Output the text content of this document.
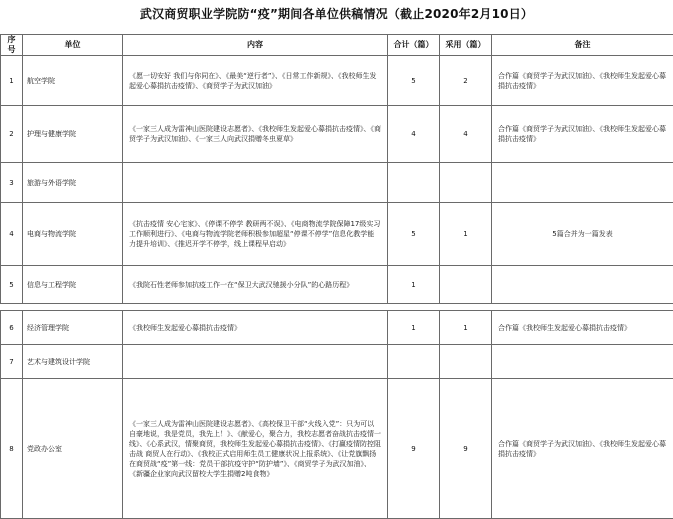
武汉商贸职业学院防“疫”期间各单位供稿情况（截止2020年2月10日）
序号	单位	内容	合计（篇）	采用（篇）	备注
1	航空学院	《愿一切安好 我们与你同在》、《最美“逆行者”》、《日常工作新规》、《我校师生发起爱心募捐抗击疫情》、《商贸学子为武汉加油》	5	2	合作篇《商贸学子为武汉加油》、《我校师生发起爱心募捐抗击疫情》
2	护理与健康学院	《一家三人成为雷神山医院建设志愿者》、《我校师生发起爱心募捐抗击疫情》、《商贸学子为武汉加油》、《一家三人向武汉捐赠冬虫夏草》	4	4	合作篇《商贸学子为武汉加油》、《我校师生发起爱心募捐抗击疫情》
3	旅游与外语学院				
4	电商与物流学院	《抗击疫情 安心宅家》、《停课不停学 教研两不误》、《电商物流学院保障17级实习工作顺利进行》、《电商与物流学院老师积极参加超星“停课不停学”信息化教学能力提升培训》、《推迟开学不停学，线上课程早启动》	5	1	5篇合并为一篇发表
5	信息与工程学院	《我院石性老师参加抗疫工作一在“保卫大武汉驰援小分队”的心路历程》	1		

6	经济管理学院	《我校师生发起爱心募捐抗击疫情》	1	1	合作篇《我校师生发起爱心募捐抗击疫情》
7	艺术与建筑设计学院				
8	党政办公室	《一家三人成为雷神山医院建设志愿者》、《高校保卫干部“火线入党”：只为可以自豪地说，我是党员，我先上！》、《献爱心，聚合力，我校志愿者奋战抗击疫情一线》、《心系武汉，情聚商贸，我校师生发起爱心募捐抗击疫情》、《打赢疫情防控阻击战 商贸人在行动》、《我校正式启用师生员工健康状况上报系统》、《让党旗飘扬在商贸战“疫”第一线：党员干部抗疫守护“防护墙”》、《商贸学子为武汉加油》、《新疆企业家向武汉留校大学生捐赠2吨食物》	9	9	合作篇《商贸学子为武汉加油》、《我校师生发起爱心募捐抗击疫情》
